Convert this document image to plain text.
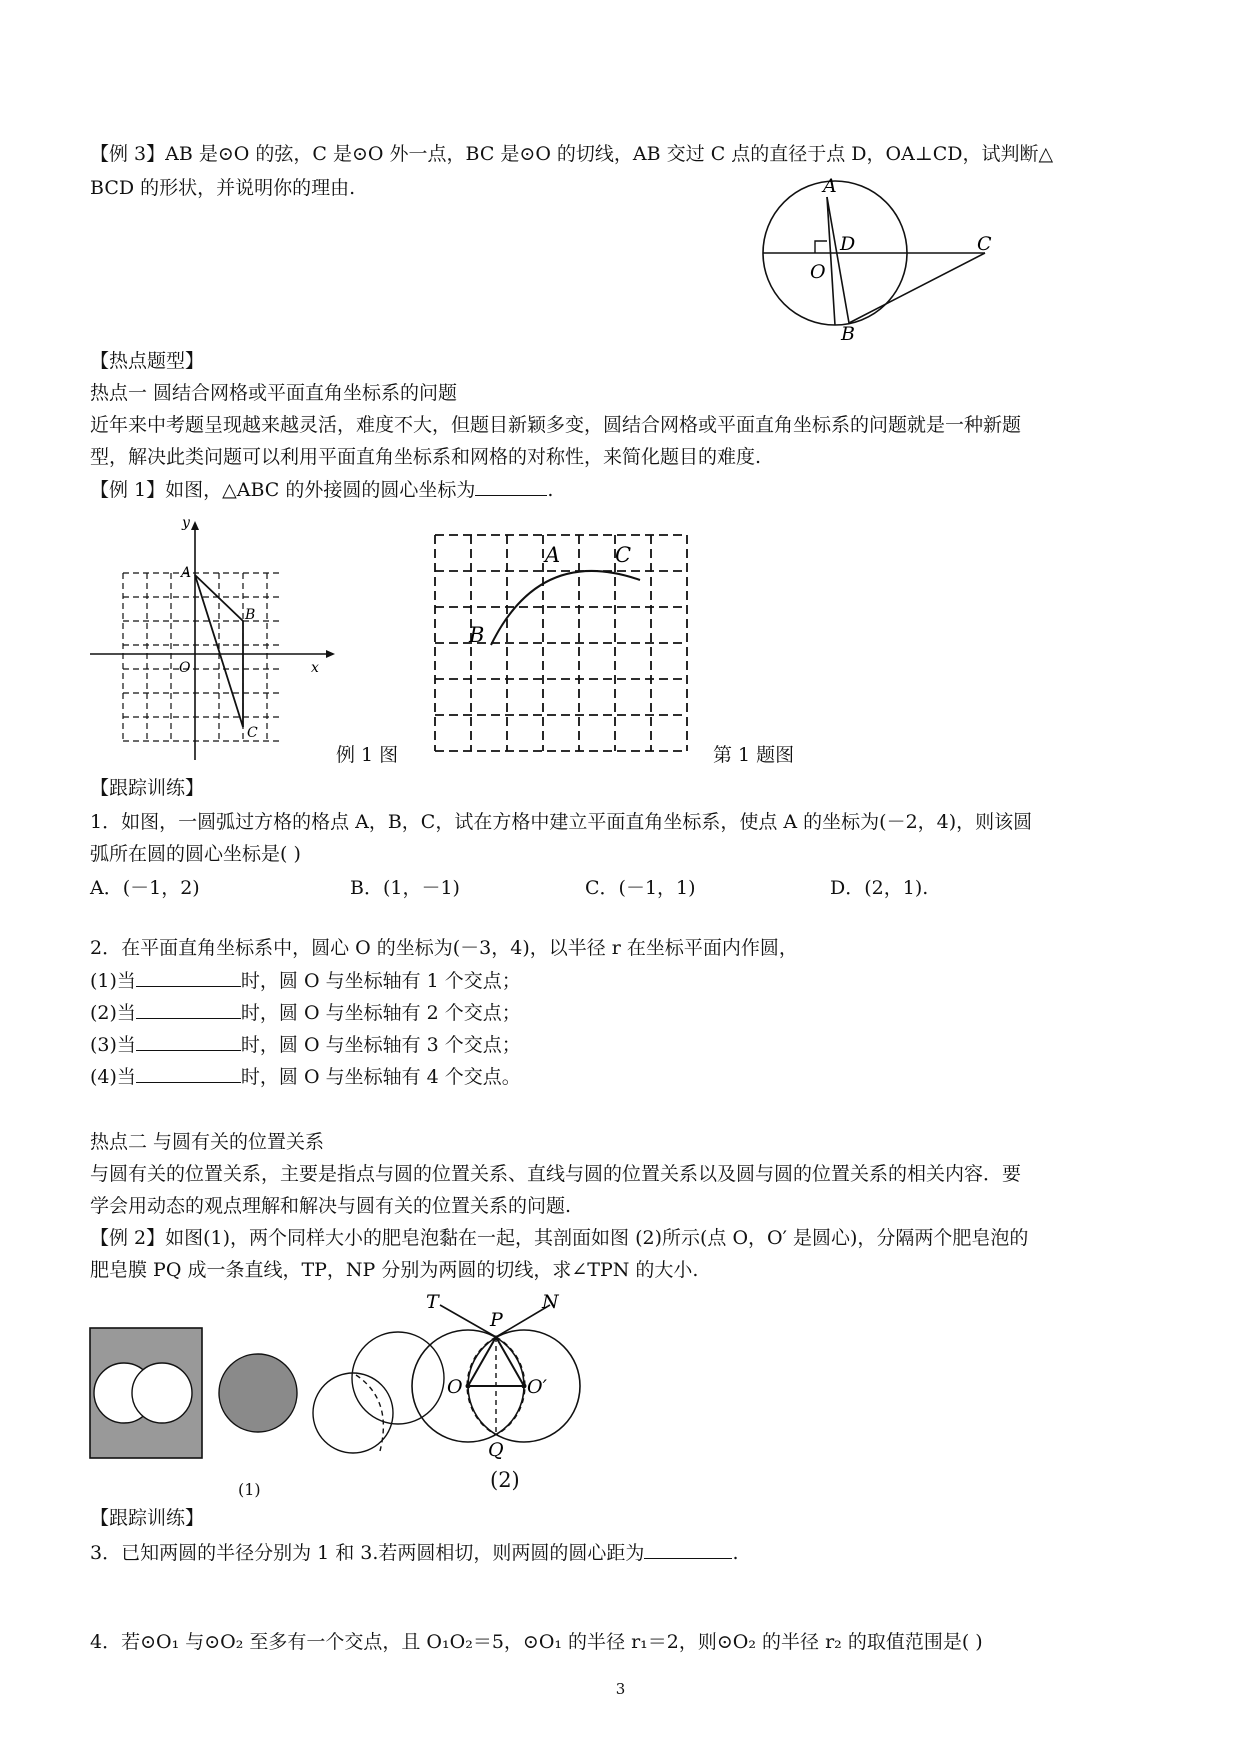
【例 3】AB 是⊙O 的弦，C 是⊙O 外一点，BC 是⊙O 的切线，AB 交过 C 点的直径于点 D，OA⊥CD，试判断△
BCD 的形状，并说明你的理由.	A
D
O
C
B
【热点题型】
热点一 圆结合网格或平面直角坐标系的问题
近年来中考题呈现越来越灵活，难度不大，但题目新颖多变，圆结合网格或平面直角坐标系的问题就是一种新题
型，解决此类问题可以利用平面直角坐标系和网格的对称性，来简化题目的难度.
【例 1】如图，△ABC 的外接圆的圆心坐标为	.
y
x
O
A
B
C
例 1 图
A	C
B
第 1 题图
【跟踪训练】
1．如图，一圆弧过方格的格点 A，B，C，试在方格中建立平面直角坐标系，使点 A 的坐标为(－2，4)，则该圆
弧所在圆的圆心坐标是( )
A．(－1，2)	B．(1，－1)	C．(－1，1)	D．(2，1).
2．在平面直角坐标系中，圆心 O 的坐标为(－3，4)，以半径 r 在坐标平面内作圆，
(1)当	时，圆 O 与坐标轴有 1 个交点；
(2)当	时，圆 O 与坐标轴有 2 个交点；
(3)当	时，圆 O 与坐标轴有 3 个交点；
(4)当	时，圆 O 与坐标轴有 4 个交点。
热点二 与圆有关的位置关系
与圆有关的位置关系，主要是指点与圆的位置关系、直线与圆的位置关系以及圆与圆的位置关系的相关内容．要
学会用动态的观点理解和解决与圆有关的位置关系的问题.
【例 2】如图(1)，两个同样大小的肥皂泡黏在一起，其剖面如图 (2)所示(点 O，O′ 是圆心)，分隔两个肥皂泡的
肥皂膜 PQ 成一条直线，TP，NP 分别为两圆的切线，求∠TPN 的大小.
(1)
T
P
N
O	O′
Q
(2)
【跟踪训练】
3．已知两圆的半径分别为 1 和 3.若两圆相切，则两圆的圆心距为	.
4．若⊙O₁ 与⊙O₂ 至多有一个交点，且 O₁O₂＝5，⊙O₁ 的半径 r₁＝2，则⊙O₂ 的半径 r₂ 的取值范围是( )
3
